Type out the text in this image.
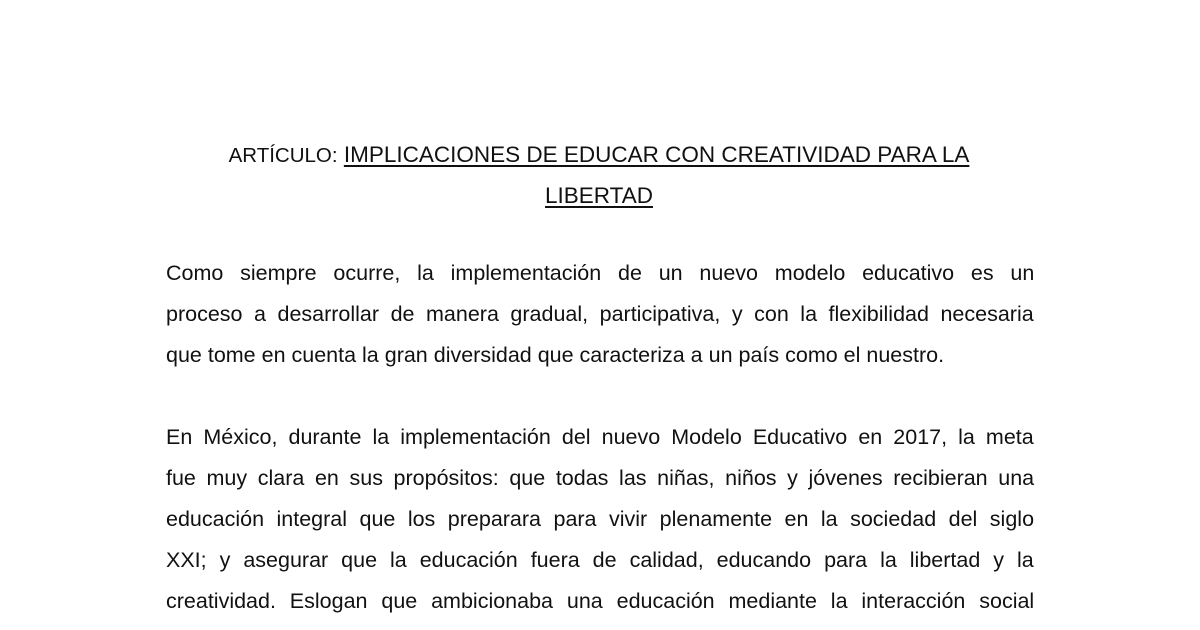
ARTÍCULO: IMPLICACIONES DE EDUCAR CON CREATIVIDAD PARA LA
LIBERTAD
Como siempre ocurre, la implementación de un nuevo modelo educativo es un
proceso a desarrollar de manera gradual, participativa, y con la flexibilidad necesaria
que tome en cuenta la gran diversidad que caracteriza a un país como el nuestro.
En México, durante la implementación del nuevo Modelo Educativo en 2017, la meta
fue muy clara en sus propósitos: que todas las niñas, niños y jóvenes recibieran una
educación integral que los preparara para vivir plenamente en la sociedad del siglo
XXI; y asegurar que la educación fuera de calidad, educando para la libertad y la
creatividad. Eslogan que ambicionaba una educación mediante la interacción social
